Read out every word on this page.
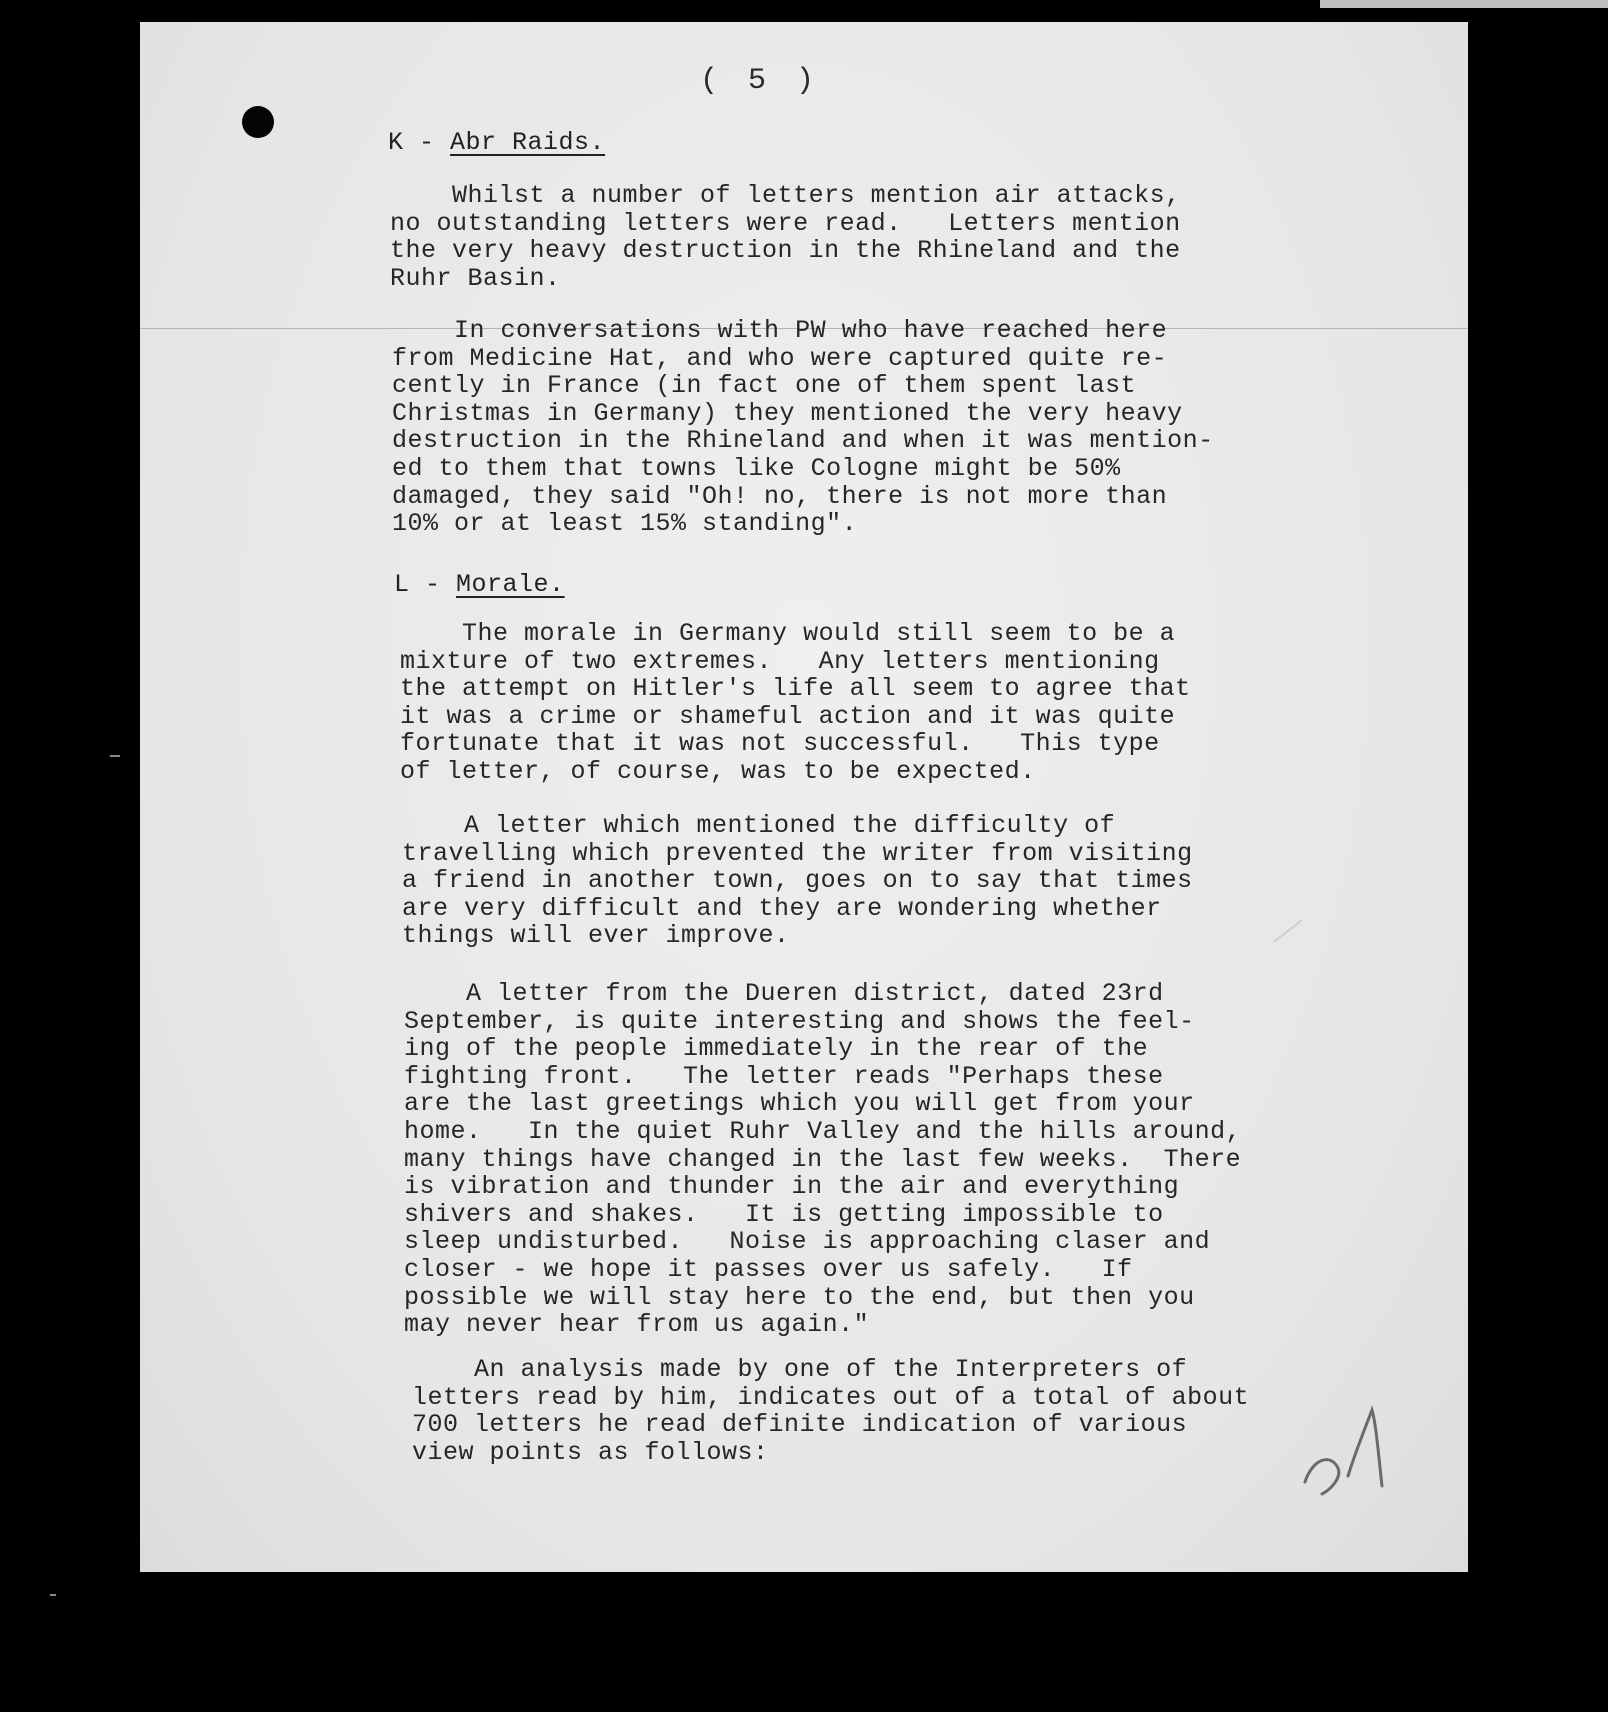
( 5 )
K - Abr Raids.

Whilst a number of letters mention air attacks,
no outstanding letters were read.   Letters mention
the very heavy destruction in the Rhineland and the
Ruhr Basin.

In conversations with PW who have reached here
from Medicine Hat, and who were captured quite re-
cently in France (in fact one of them spent last
Christmas in Germany) they mentioned the very heavy
destruction in the Rhineland and when it was mention-
ed to them that towns like Cologne might be 50%
damaged, they said "Oh! no, there is not more than
10% or at least 15% standing".

L - Morale.

The morale in Germany would still seem to be a
mixture of two extremes.   Any letters mentioning
the attempt on Hitler's life all seem to agree that
it was a crime or shameful action and it was quite
fortunate that it was not successful.   This type
of letter, of course, was to be expected.

A letter which mentioned the difficulty of
travelling which prevented the writer from visiting
a friend in another town, goes on to say that times
are very difficult and they are wondering whether
things will ever improve.

A letter from the Dueren district, dated 23rd
September, is quite interesting and shows the feel-
ing of the people immediately in the rear of the
fighting front.   The letter reads "Perhaps these
are the last greetings which you will get from your
home.   In the quiet Ruhr Valley and the hills around,
many things have changed in the last few weeks.  There
is vibration and thunder in the air and everything
shivers and shakes.   It is getting impossible to
sleep undisturbed.   Noise is approaching claser and
closer - we hope it passes over us safely.   If
possible we will stay here to the end, but then you
may never hear from us again."

An analysis made by one of the Interpreters of
letters read by him, indicates out of a total of about
700 letters he read definite indication of various
view points as follows:
